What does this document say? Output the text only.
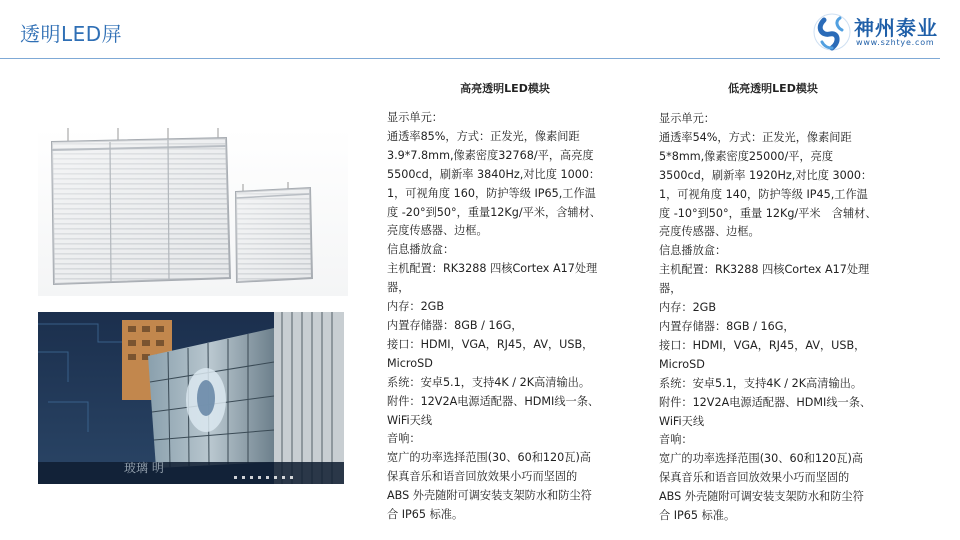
透明LED屏	神州泰业
www.szhtye.com
玻璃 明
高亮透明LED模块
显示单元：
通透率85%，方式：正发光，像素间距
3.9*7.8mm,像素密度32768/平，高亮度
5500cd，刷新率 3840Hz,对比度 1000：
1，可视角度 160，防护等级 IP65,工作温
度 -20°到50°，重量12Kg/平米，含辅材、
亮度传感器、边框。
信息播放盒：
主机配置：RK3288 四核Cortex A17处理
器，
内存：2GB
内置存储器：8GB / 16G，
接口：HDMI，VGA，RJ45，AV，USB，
MicroSD
系统：安卓5.1，支持4K / 2K高清输出。
附件：12V2A电源适配器、HDMI线一条、
WiFi天线
音响：
宽广的功率选择范围(30、60和120瓦)高
保真音乐和语音回放效果小巧而坚固的
ABS 外壳随附可调安装支架防水和防尘符
合 IP65 标准。
低亮透明LED模块
显示单元：
通透率54%，方式：正发光，像素间距
5*8mm,像素密度25000/平，亮度
3500cd，刷新率 1920Hz,对比度 3000：
1，可视角度 140，防护等级 IP45,工作温
度 -10°到50°，重量 12Kg/平米　含辅材、
亮度传感器、边框。
信息播放盒：
主机配置：RK3288 四核Cortex A17处理
器，
内存：2GB
内置存储器：8GB / 16G，
接口：HDMI，VGA，RJ45，AV，USB，
MicroSD
系统：安卓5.1，支持4K / 2K高清输出。
附件：12V2A电源适配器、HDMI线一条、
WiFi天线
音响：
宽广的功率选择范围(30、60和120瓦)高
保真音乐和语音回放效果小巧而坚固的
ABS 外壳随附可调安装支架防水和防尘符
合 IP65 标准。
